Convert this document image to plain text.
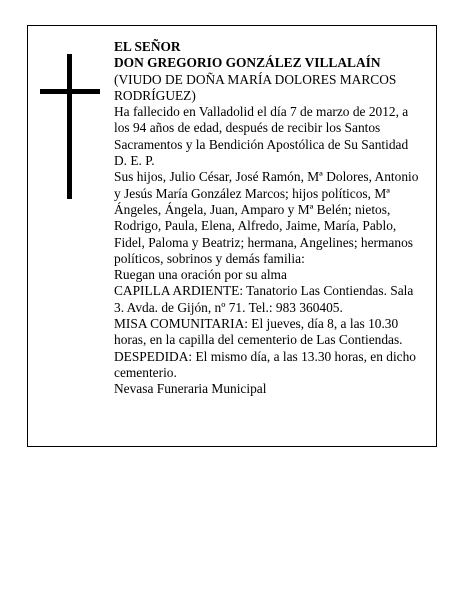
EL SEÑOR

DON GREGORIO GONZÁLEZ VILLALAÍN

(VIUDO DE DOÑA MARÍA DOLORES MARCOS RODRÍGUEZ)

Ha fallecido en Valladolid el día 7 de marzo de 2012, a los 94 años de edad, después de recibir los Santos Sacramentos y la Bendición Apostólica de Su Santidad

D. E. P.

Sus hijos, Julio César, José Ramón, Mª Dolores, Antonio y Jesús María González Marcos; hijos políticos, Mª Ángeles, Ángela, Juan, Amparo y Mª Belén; nietos, Rodrigo, Paula, Elena, Alfredo, Jaime, María, Pablo, Fidel, Paloma y Beatriz; hermana, Angelines; hermanos políticos, sobrinos y demás familia:

Ruegan una oración por su alma

CAPILLA ARDIENTE: Tanatorio Las Contiendas. Sala 3. Avda. de Gijón, nº 71. Tel.: 983 360405.

MISA COMUNITARIA: El jueves, día 8, a las 10.30 horas, en la capilla del cementerio de Las Contiendas.

DESPEDIDA: El mismo día, a las 13.30 horas, en dicho cementerio.

Nevasa Funeraria Municipal
